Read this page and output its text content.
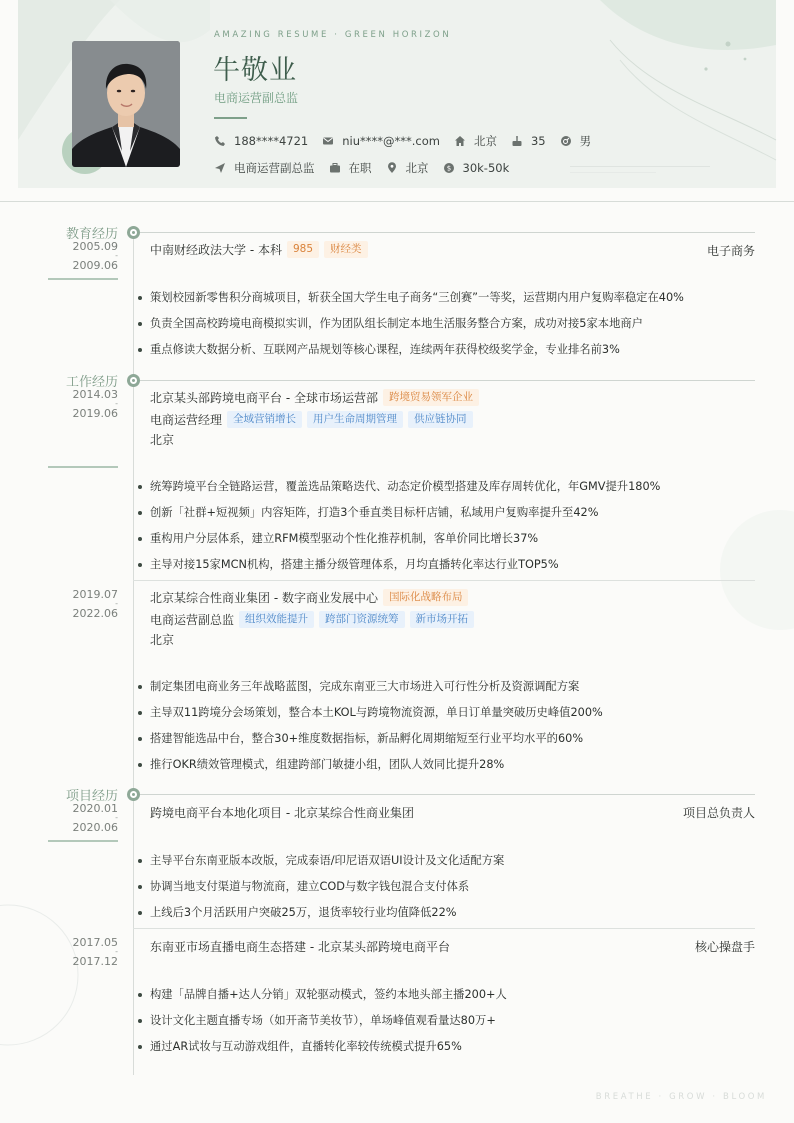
AMAZING RESUME · GREEN HORIZON
牛敬业
电商运营副总监
188****4721	niu****@***.com	北京	35	男
电商运营副总监	在职	北京	$ 30k-50k
教育经历
2005.09
-
2009.06
中南财经政法大学 - 本科	985	财经类	电子商务
策划校园新零售积分商城项目，斩获全国大学生电子商务“三创赛”一等奖，运营期内用户复购率稳定在40%
负责全国高校跨境电商模拟实训，作为团队组长制定本地生活服务整合方案，成功对接5家本地商户
重点修读大数据分析、互联网产品规划等核心课程，连续两年获得校级奖学金，专业排名前3%
工作经历
2014.03
-
2019.06
北京某头部跨境电商平台 - 全球市场运营部	跨境贸易领军企业
电商运营经理	全域营销增长	用户生命周期管理	供应链协同
北京
统筹跨境平台全链路运营，覆盖选品策略迭代、动态定价模型搭建及库存周转优化，年GMV提升180%
创新「社群+短视频」内容矩阵，打造3个垂直类目标杆店铺，私域用户复购率提升至42%
重构用户分层体系，建立RFM模型驱动个性化推荐机制，客单价同比增长37%
主导对接15家MCN机构，搭建主播分级管理体系，月均直播转化率达行业TOP5%
2019.07
-
2022.06
北京某综合性商业集团 - 数字商业发展中心	国际化战略布局
电商运营副总监	组织效能提升	跨部门资源统筹	新市场开拓
北京
制定集团电商业务三年战略蓝图，完成东南亚三大市场进入可行性分析及资源调配方案
主导双11跨境分会场策划，整合本土KOL与跨境物流资源，单日订单量突破历史峰值200%
搭建智能选品中台，整合30+维度数据指标，新品孵化周期缩短至行业平均水平的60%
推行OKR绩效管理模式，组建跨部门敏捷小组，团队人效同比提升28%
项目经历
2020.01
-
2020.06
跨境电商平台本地化项目 - 北京某综合性商业集团	项目总负责人
主导平台东南亚版本改版，完成泰语/印尼语双语UI设计及文化适配方案
协调当地支付渠道与物流商，建立COD与数字钱包混合支付体系
上线后3个月活跃用户突破25万，退货率较行业均值降低22%
2017.05
-
2017.12
东南亚市场直播电商生态搭建 - 北京某头部跨境电商平台	核心操盘手
构建「品牌自播+达人分销」双轮驱动模式，签约本地头部主播200+人
设计文化主题直播专场（如开斋节美妆节），单场峰值观看量达80万+
通过AR试妆与互动游戏组件，直播转化率较传统模式提升65%
BREATHE · GROW · BLOOM
